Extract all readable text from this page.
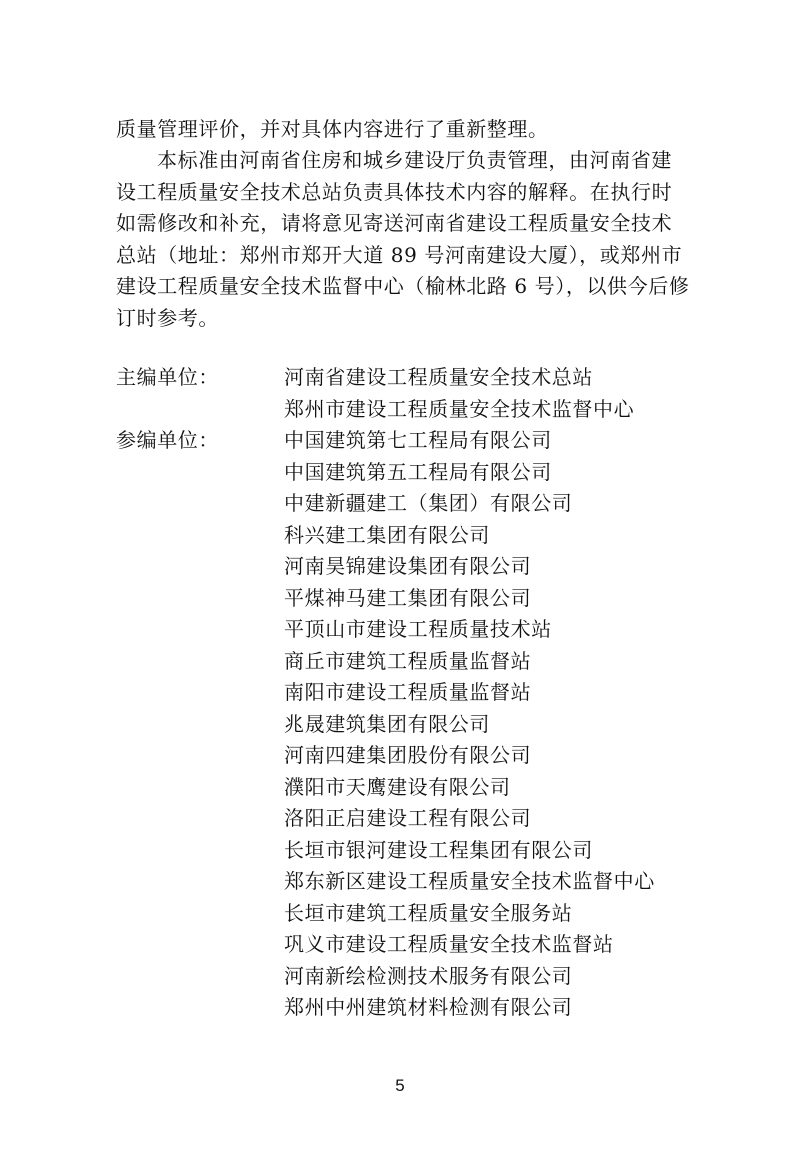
质量管理评价，并对具体内容进行了重新整理。

本标准由河南省住房和城乡建设厅负责管理，由河南省建设工程质量安全技术总站负责具体技术内容的解释。在执行时如需修改和补充，请将意见寄送河南省建设工程质量安全技术总站（地址：郑州市郑开大道 89 号河南建设大厦），或郑州市建设工程质量安全技术监督中心（榆林北路 6 号），以供今后修订时参考。

主编单位：	河南省建设工程质量安全技术总站
郑州市建设工程质量安全技术监督中心
参编单位：	中国建筑第七工程局有限公司
中国建筑第五工程局有限公司
中建新疆建工（集团）有限公司
科兴建工集团有限公司
河南昊锦建设集团有限公司
平煤神马建工集团有限公司
平顶山市建设工程质量技术站
商丘市建筑工程质量监督站
南阳市建设工程质量监督站
兆晟建筑集团有限公司
河南四建集团股份有限公司
濮阳市天鹰建设有限公司
洛阳正启建设工程有限公司
长垣市银河建设工程集团有限公司
郑东新区建设工程质量安全技术监督中心
长垣市建筑工程质量安全服务站
巩义市建设工程质量安全技术监督站
河南新绘检测技术服务有限公司
郑州中州建筑材料检测有限公司
5
